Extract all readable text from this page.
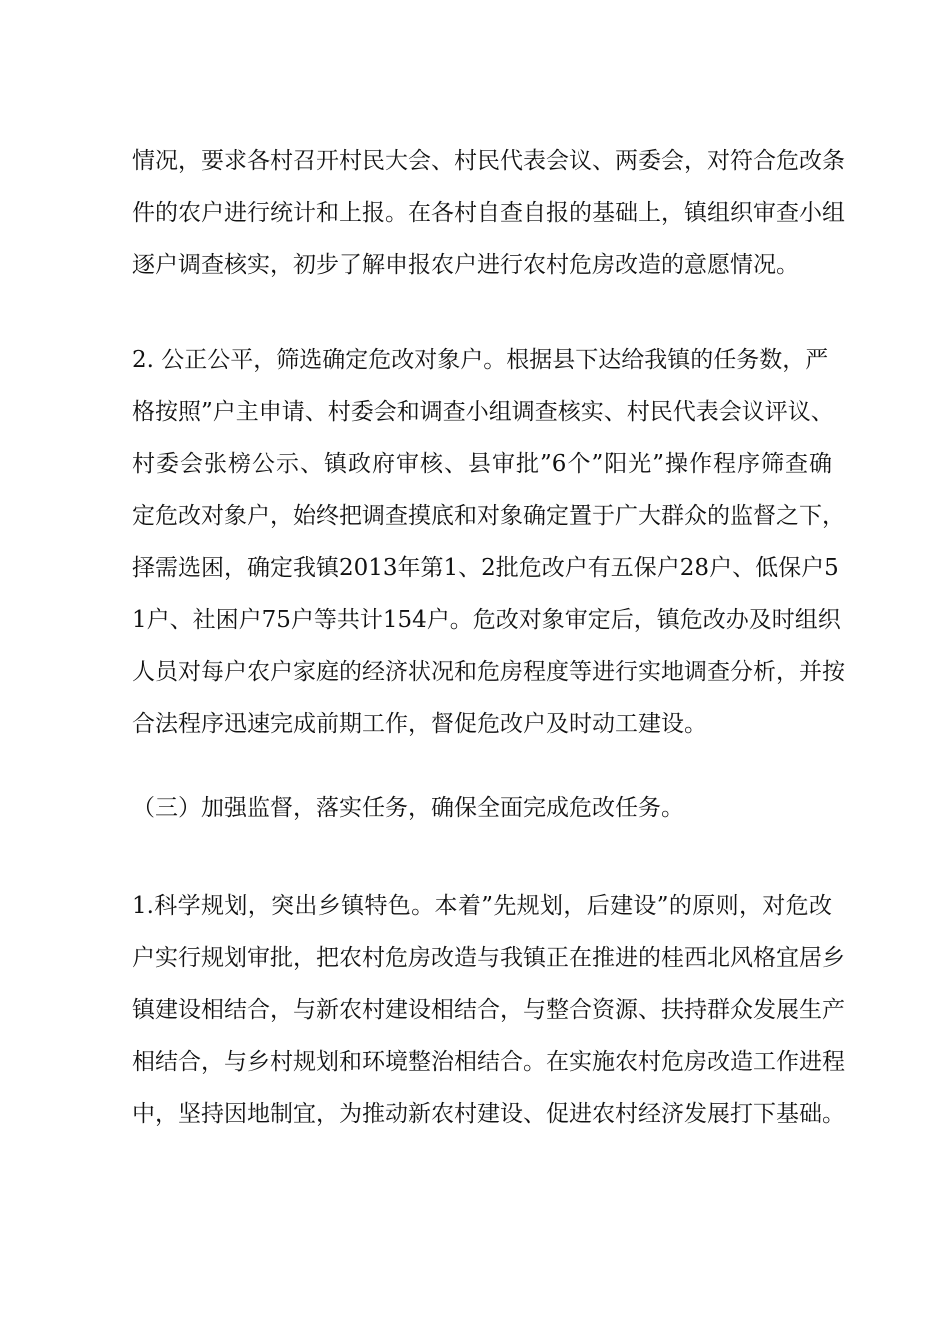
情况，要求各村召开村民大会、村民代表会议、两委会，对符合危改条
件的农户进行统计和上报。在各村自查自报的基础上，镇组织审查小组
逐户调查核实，初步了解申报农户进行农村危房改造的意愿情况。
2. 公正公平，筛选确定危改对象户。根据县下达给我镇的任务数，严
格按照”户主申请、村委会和调查小组调查核实、村民代表会议评议、
村委会张榜公示、镇政府审核、县审批”6个”阳光”操作程序筛查确
定危改对象户，始终把调查摸底和对象确定置于广大群众的监督之下，
择需选困，确定我镇2013年第1、2批危改户有五保户28户、低保户5
1户、社困户75户等共计154户。危改对象审定后，镇危改办及时组织
人员对每户农户家庭的经济状况和危房程度等进行实地调查分析，并按
合法程序迅速完成前期工作，督促危改户及时动工建设。
（三）加强监督，落实任务，确保全面完成危改任务。
1.科学规划，突出乡镇特色。本着”先规划，后建设”的原则，对危改
户实行规划审批，把农村危房改造与我镇正在推进的桂西北风格宜居乡
镇建设相结合，与新农村建设相结合，与整合资源、扶持群众发展生产
相结合，与乡村规划和环境整治相结合。在实施农村危房改造工作进程
中，坚持因地制宜，为推动新农村建设、促进农村经济发展打下基础。
